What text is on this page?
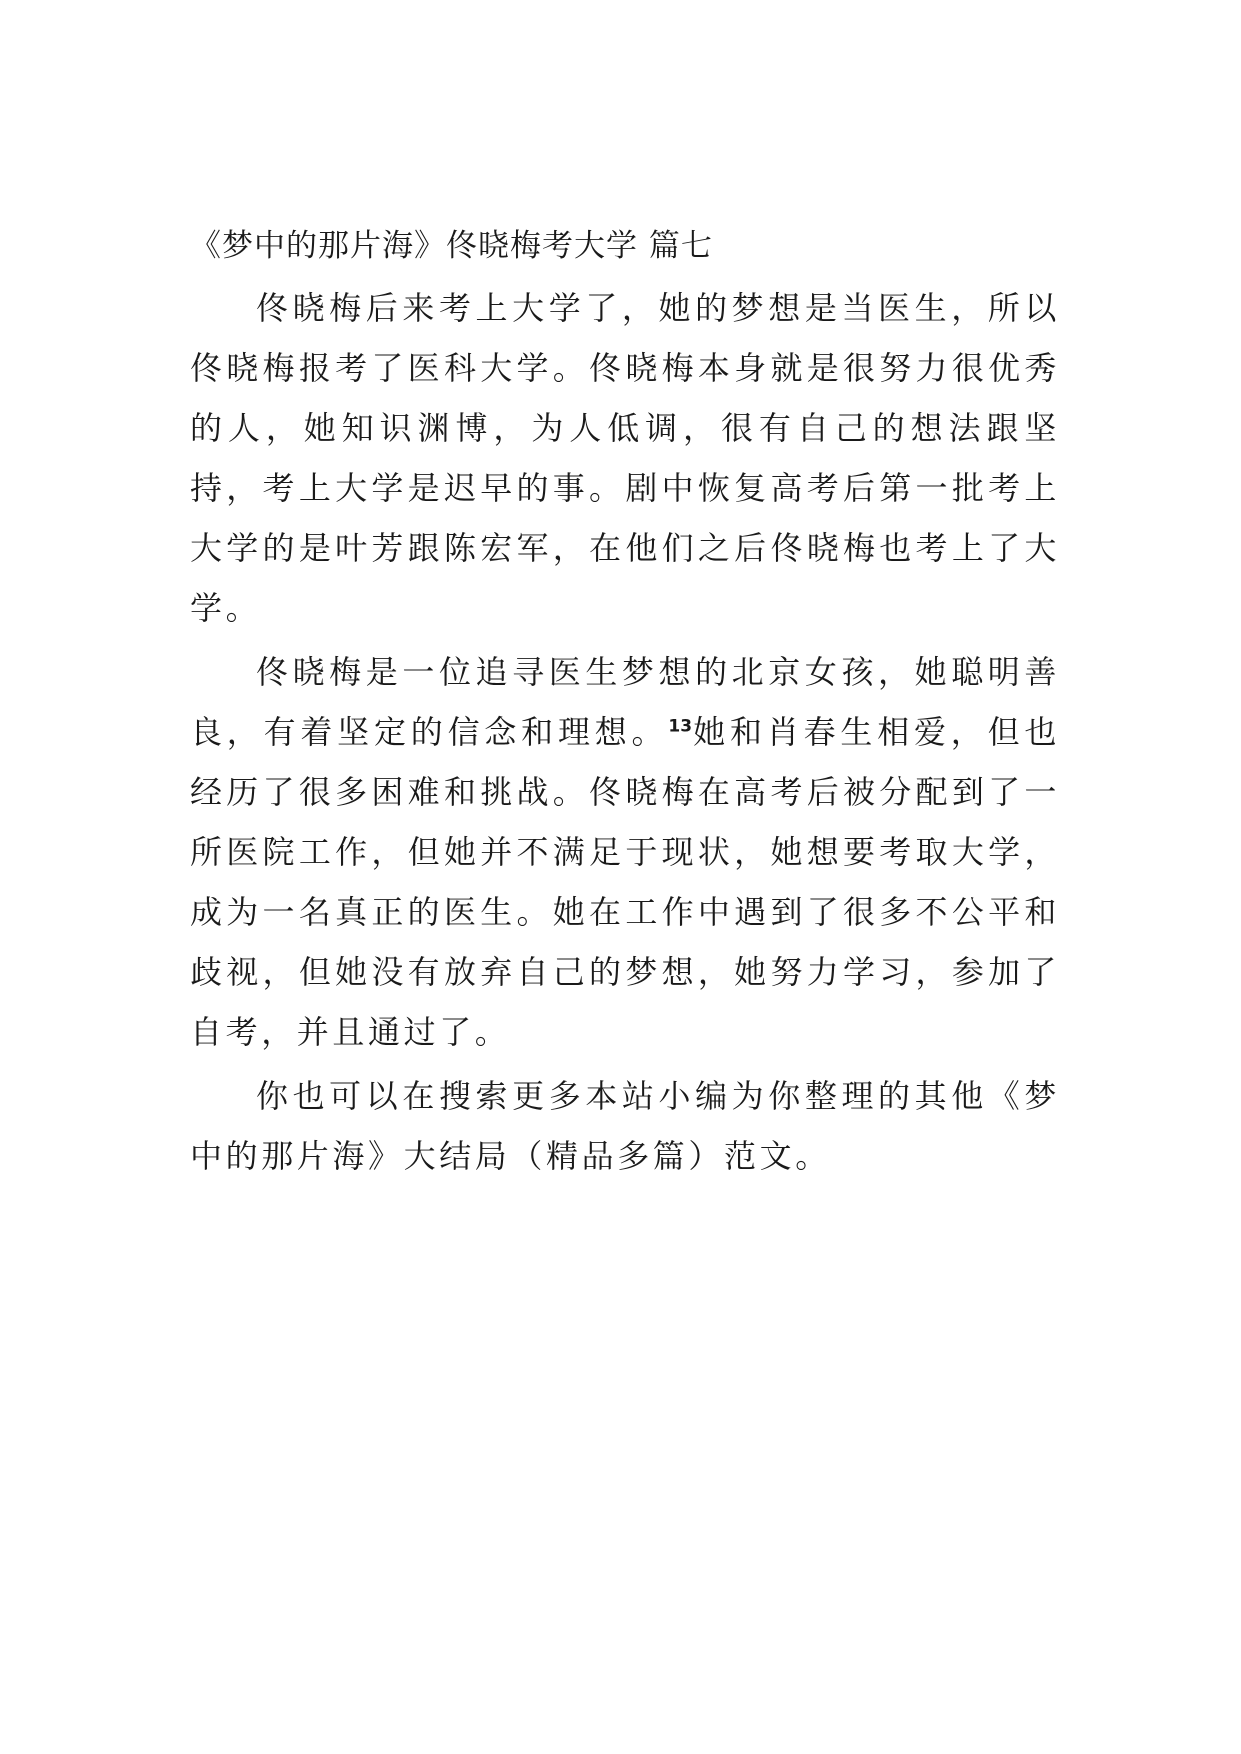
《梦中的那片海》佟晓梅考大学 篇七

佟晓梅后来考上大学了，她的梦想是当医生，所以佟晓梅报考了医科大学。佟晓梅本身就是很努力很优秀的人，她知识渊博，为人低调，很有自己的想法跟坚持，考上大学是迟早的事。剧中恢复高考后第一批考上大学的是叶芳跟陈宏军，在他们之后佟晓梅也考上了大学。

佟晓梅是一位追寻医生梦想的北京女孩，她聪明善良，有着坚定的信念和理想。$^{13}$她和肖春生相爱，但也经历了很多困难和挑战。佟晓梅在高考后被分配到了一所医院工作，但她并不满足于现状，她想要考取大学，成为一名真正的医生。她在工作中遇到了很多不公平和歧视，但她没有放弃自己的梦想，她努力学习，参加了自考，并且通过了。

你也可以在搜索更多本站小编为你整理的其他《梦中的那片海》大结局（精品多篇）范文。
